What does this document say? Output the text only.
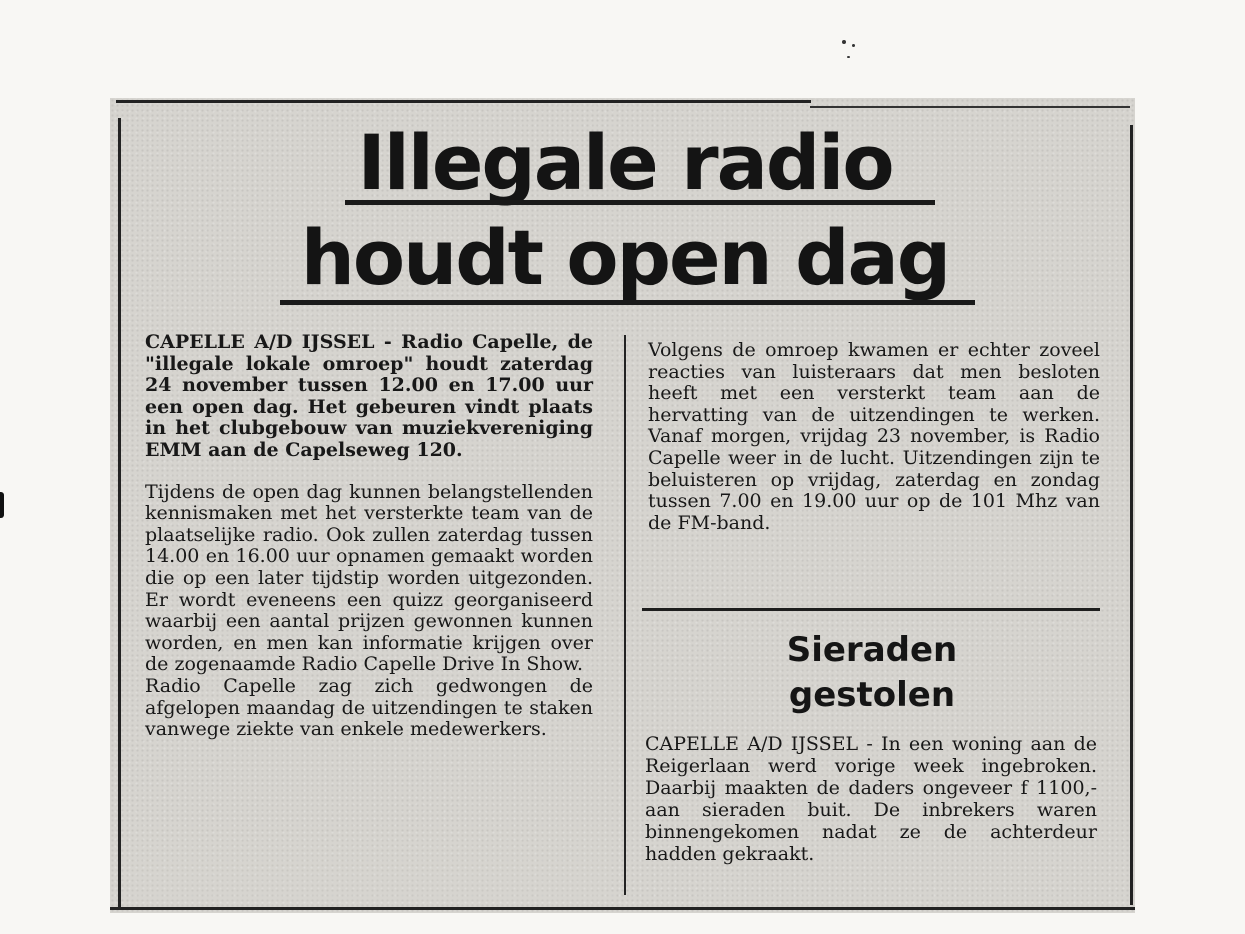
Illegale radio
houdt open dag

CAPELLE A/D IJSSEL - Radio Capelle, de "illegale lokale omroep" houdt zaterdag 24 november tussen 12.00 en 17.00 uur een open dag. Het gebeuren vindt plaats in het clubgebouw van muziekvereniging EMM aan de Capelseweg 120.

Tijdens de open dag kunnen belangstellenden kennismaken met het versterkte team van de plaatselijke radio. Ook zullen zaterdag tussen 14.00 en 16.00 uur opnamen gemaakt worden die op een later tijdstip worden uitgezonden. Er wordt eveneens een quizz georganiseerd waarbij een aantal prijzen gewonnen kunnen worden, en men kan informatie krijgen over de zogenaamde Radio Capelle Drive In Show.

Radio Capelle zag zich gedwongen de afgelopen maandag de uitzendingen te staken vanwege ziekte van enkele medewerkers.

Volgens de omroep kwamen er echter zoveel reacties van luisteraars dat men besloten heeft met een versterkt team aan de hervatting van de uitzendingen te werken. Vanaf morgen, vrijdag 23 november, is Radio Capelle weer in de lucht. Uitzendingen zijn te beluisteren op vrijdag, zaterdag en zondag tussen 7.00 en 19.00 uur op de 101 Mhz van de FM-band.

Sieraden
gestolen

CAPELLE A/D IJSSEL - In een woning aan de Reigerlaan werd vorige week ingebroken. Daarbij maakten de daders ongeveer f 1100,- aan sieraden buit. De inbrekers waren binnengekomen nadat ze de achterdeur hadden gekraakt.
